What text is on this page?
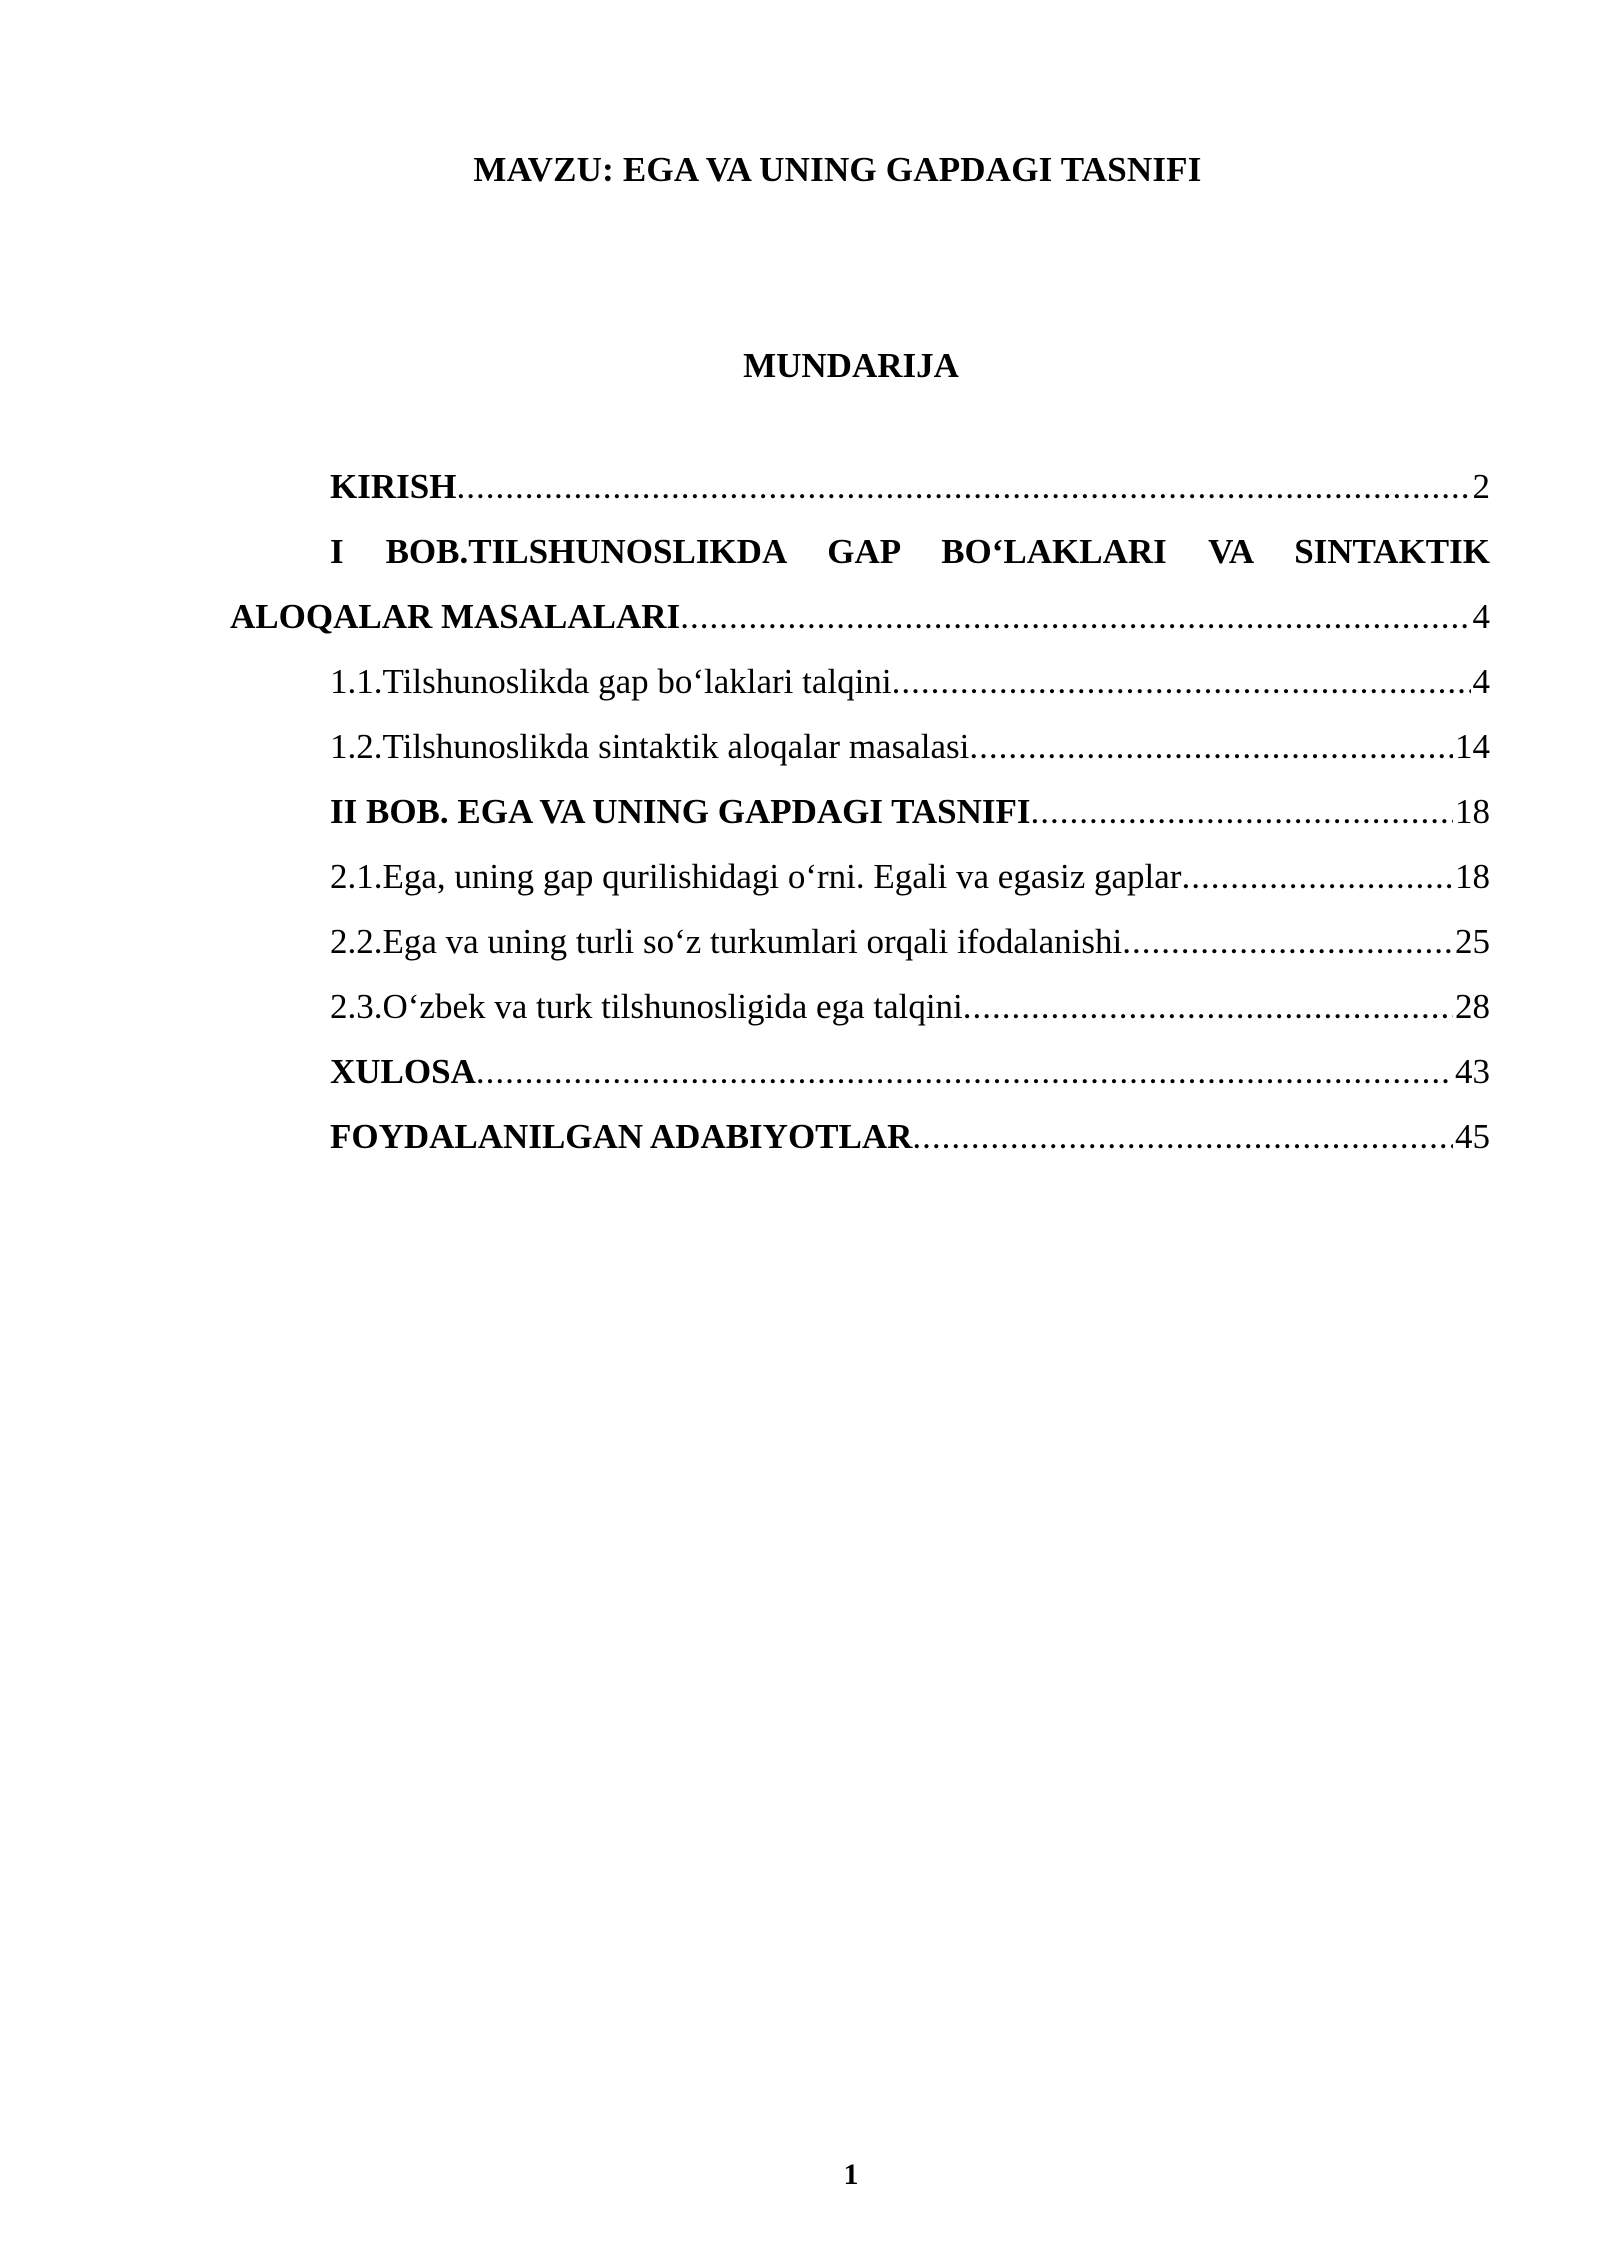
MAVZU: EGA VA UNING GAPDAGI TASNIFI
MUNDARIJA
KIRISH .....	2
I BOB.TILSHUNOSLIKDA GAP BO‘LAKLARI VA SINTAKTIK
ALOQALAR MASALALARI .....	4
1.1.Tilshunoslikda gap bo‘laklari talqini .....	4
1.2.Tilshunoslikda sintaktik aloqalar masalasi .....	14
II BOB. EGA VA UNING GAPDAGI TASNIFI .....	18
2.1.Ega, uning gap qurilishidagi o‘rni. Egali va egasiz gaplar .....	18
2.2.Ega va uning turli so‘z turkumlari orqali ifodalanishi .....	25
2.3.O‘zbek va turk tilshunosligida ega talqini .....	28
XULOSA .....	43
FOYDALANILGAN ADABIYOTLAR .....	45
1
